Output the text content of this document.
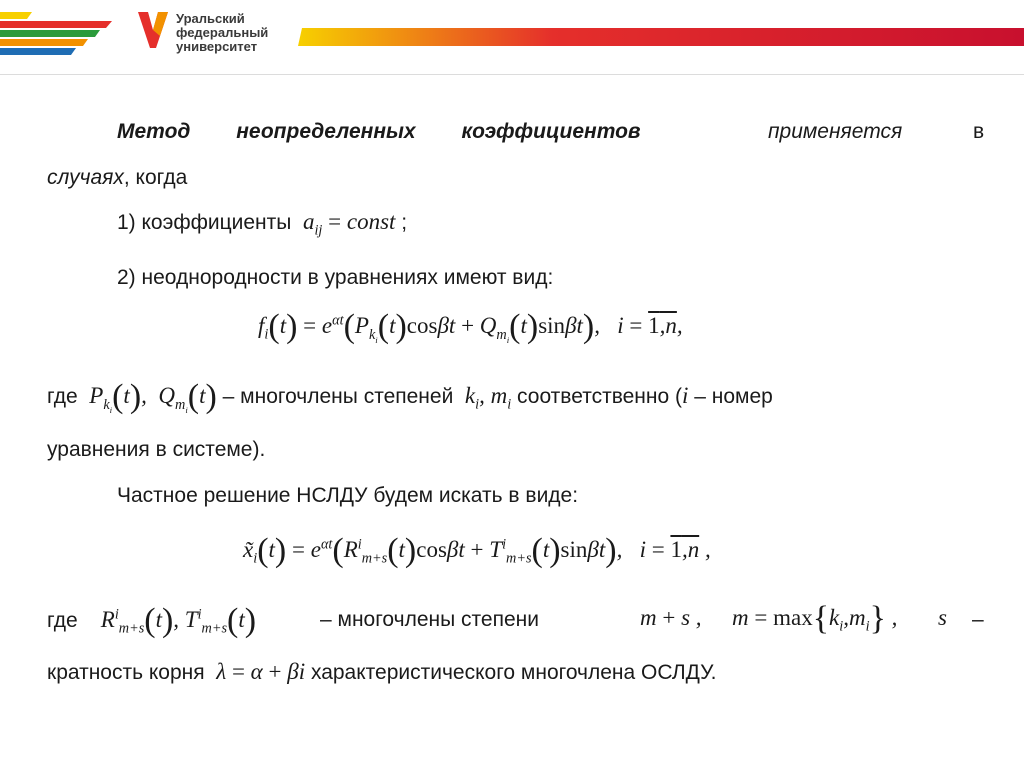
Уральский
федеральный
университет
Метод неопределенных коэффициентов	применяется	в
случаях, когда
1) коэффициенты  $a_{ij}$ = const ;
2) неоднородности в уравнениях имеют вид:
$f_i(t) = e^{\alpha t}(P_{k_i}(t)\cos\beta t + Q_{m_i}(t)\sin\beta t)$,   i = 1,n,
где  $P_{k_i}(t)$,  $Q_{m_i}(t)$ – многочлены степеней  $k_i$, $m_i$ соответственно (i – номер
уравнения в системе).
Частное решение НСЛДУ будем искать в виде:
$x̃_i(t) = e^{\alpha t}(R^i_{m+s}(t)\cos\beta t + T^i_{m+s}(t)\sin\beta t)$,   i = 1,n ,
где    $R^i_{m+s}(t)$, $T^i_{m+s}(t)$	– многочлены степени	m + s , $m = \max\{k_i,m_i\}$ , s –
кратность корня  λ = α + βi характеристического многочлена ОСЛДУ.
